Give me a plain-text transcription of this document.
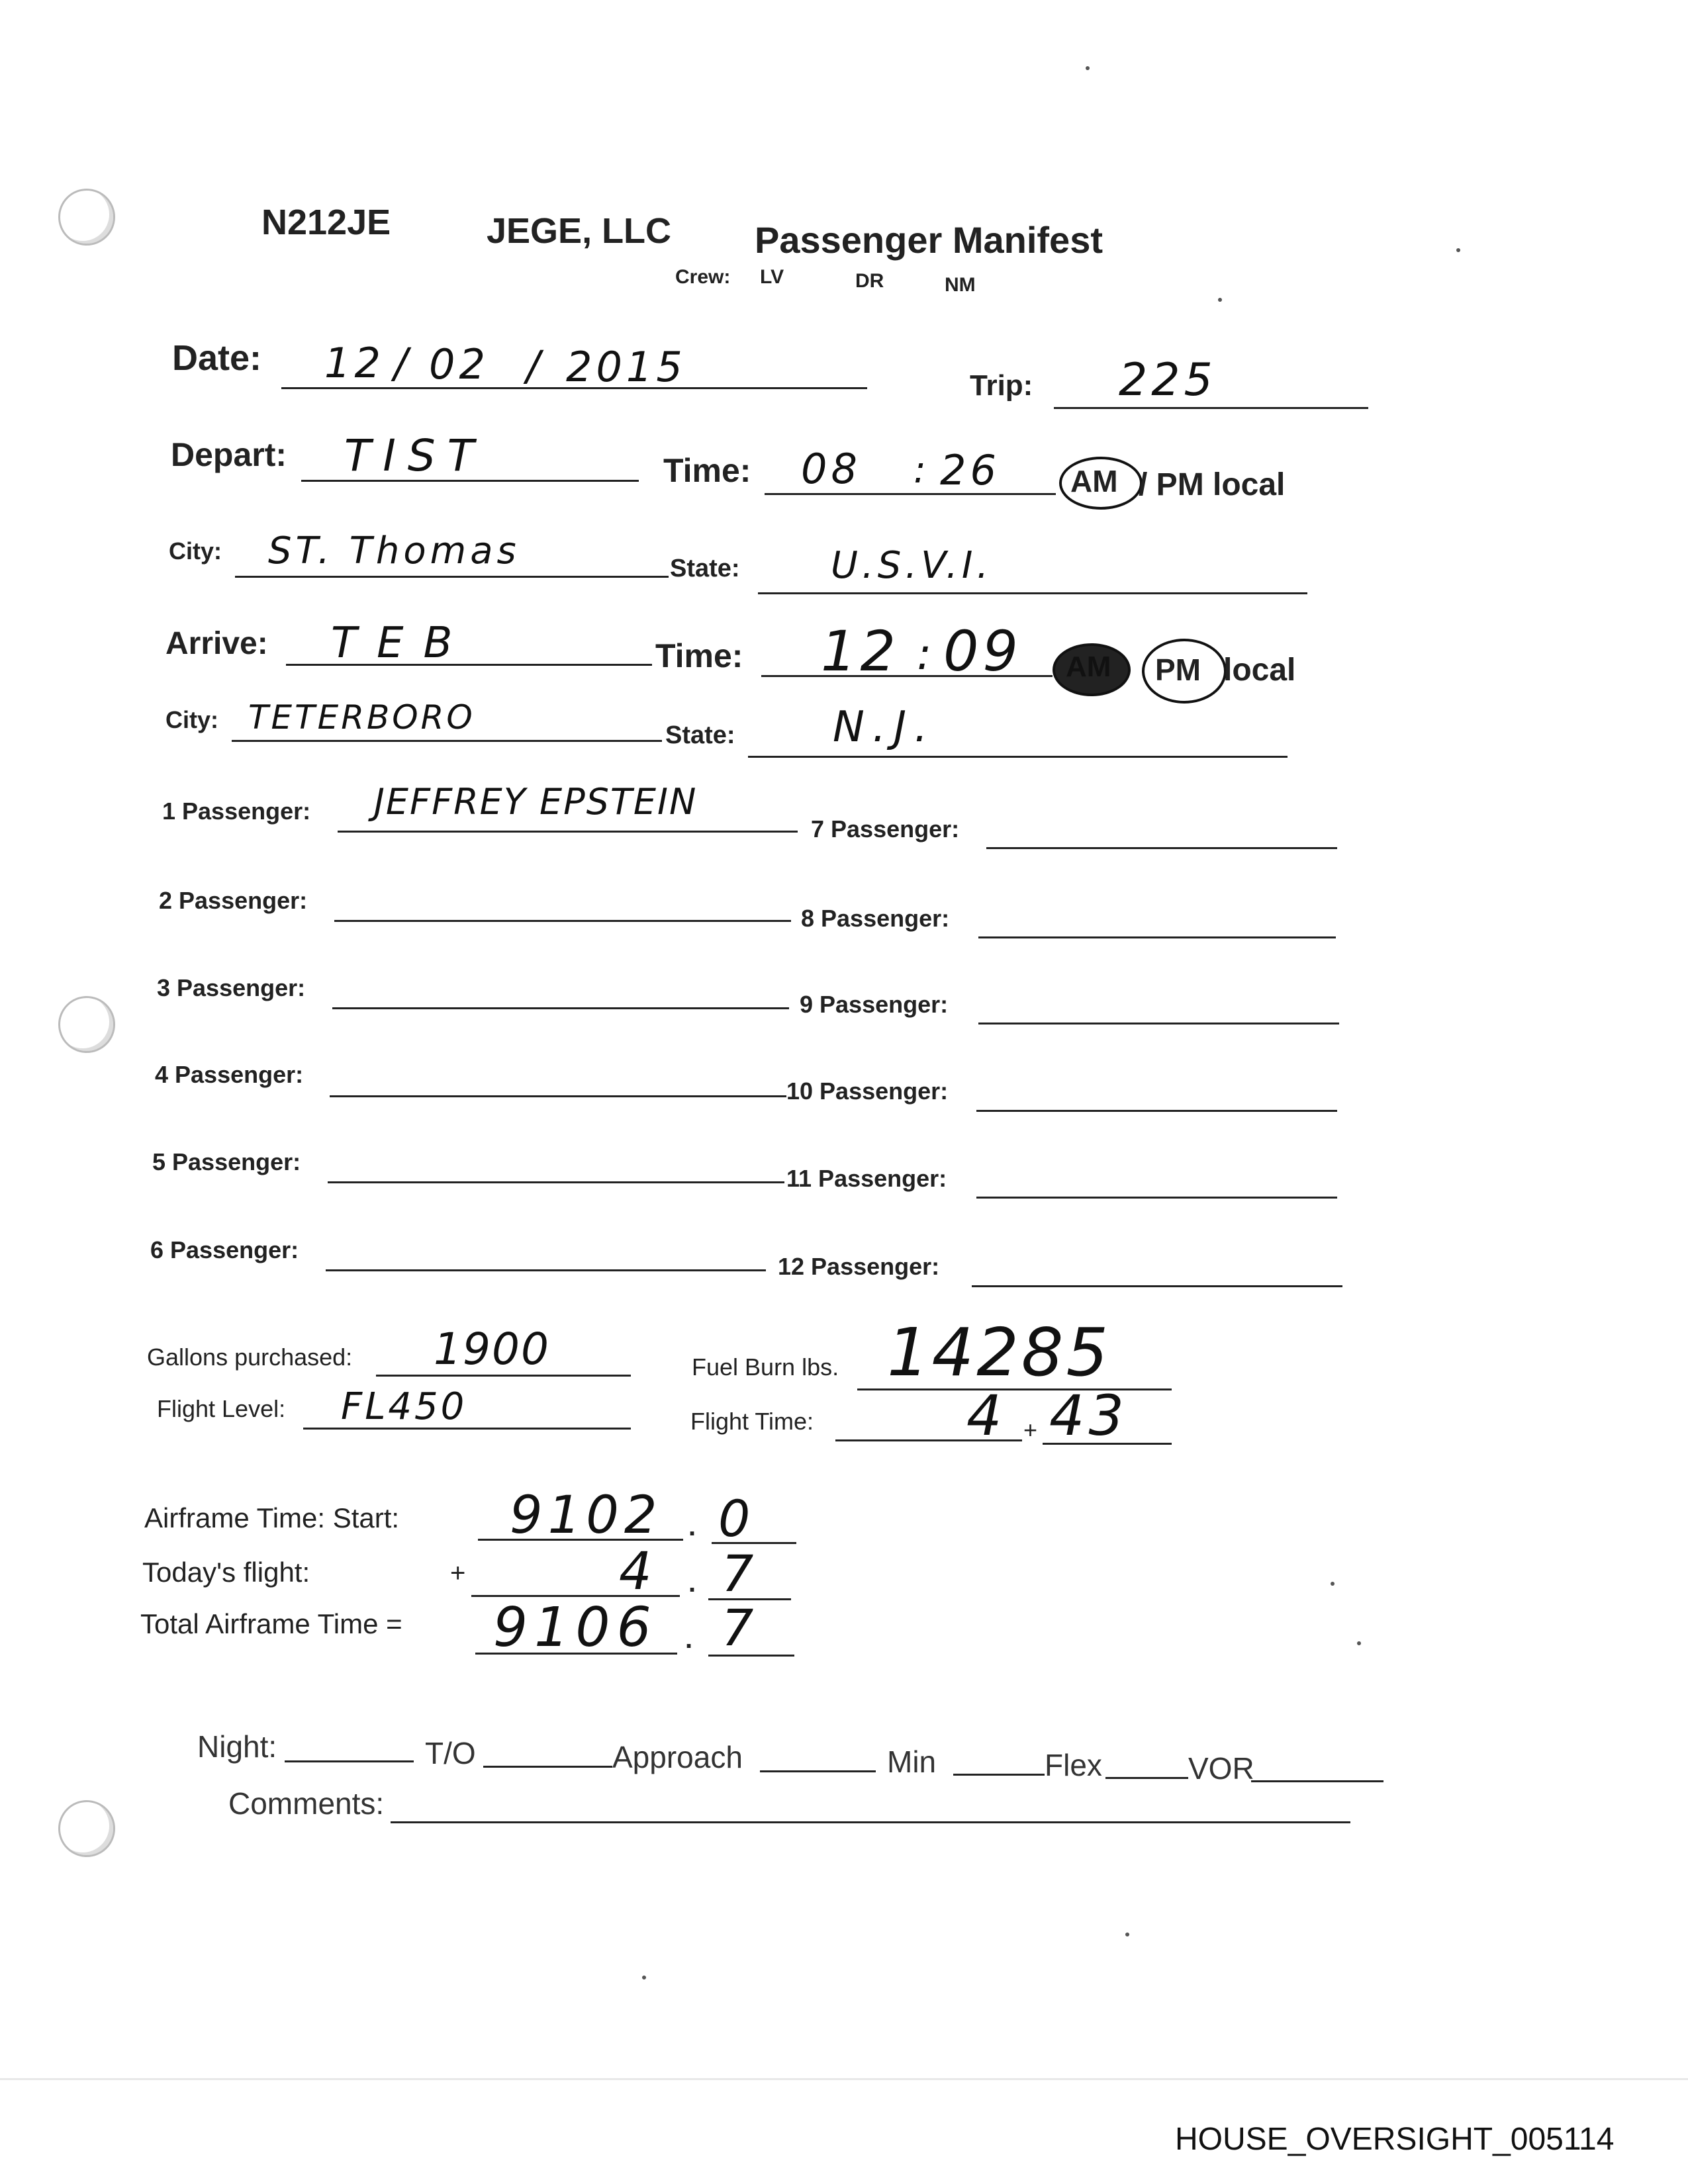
N212JE	JEGE, LLC Passenger Manifest
Crew: LV	DR	NM
Date: 12 / 02 / 2015	Trip: 225
Depart: TIST	Time: 08 : 26 AM / PM local
City: ST. Thomas	State: U.S.V.I.
Arrive: TEB	Time: 12 : 09 AM PM local
City: TETERBORO	State: N.J.
1 Passenger: JEFFREY EPSTEIN
2 Passenger:
3 Passenger:
4 Passenger:
5 Passenger:
6 Passenger:
7 Passenger:
8 Passenger:
9 Passenger:
10 Passenger:
11 Passenger:
12 Passenger:
Gallons purchased: 1900	Fuel Burn lbs. 14285
Flight Level: FL450	Flight Time:	4 + 43
Airframe Time: Start: 9102 . 0
Today's flight:	+	4 . 7
Total Airframe Time = 9106 . 7
Night:	T/O	Approach	Min	Flex	VOR
Comments:
HOUSE_OVERSIGHT_005114
